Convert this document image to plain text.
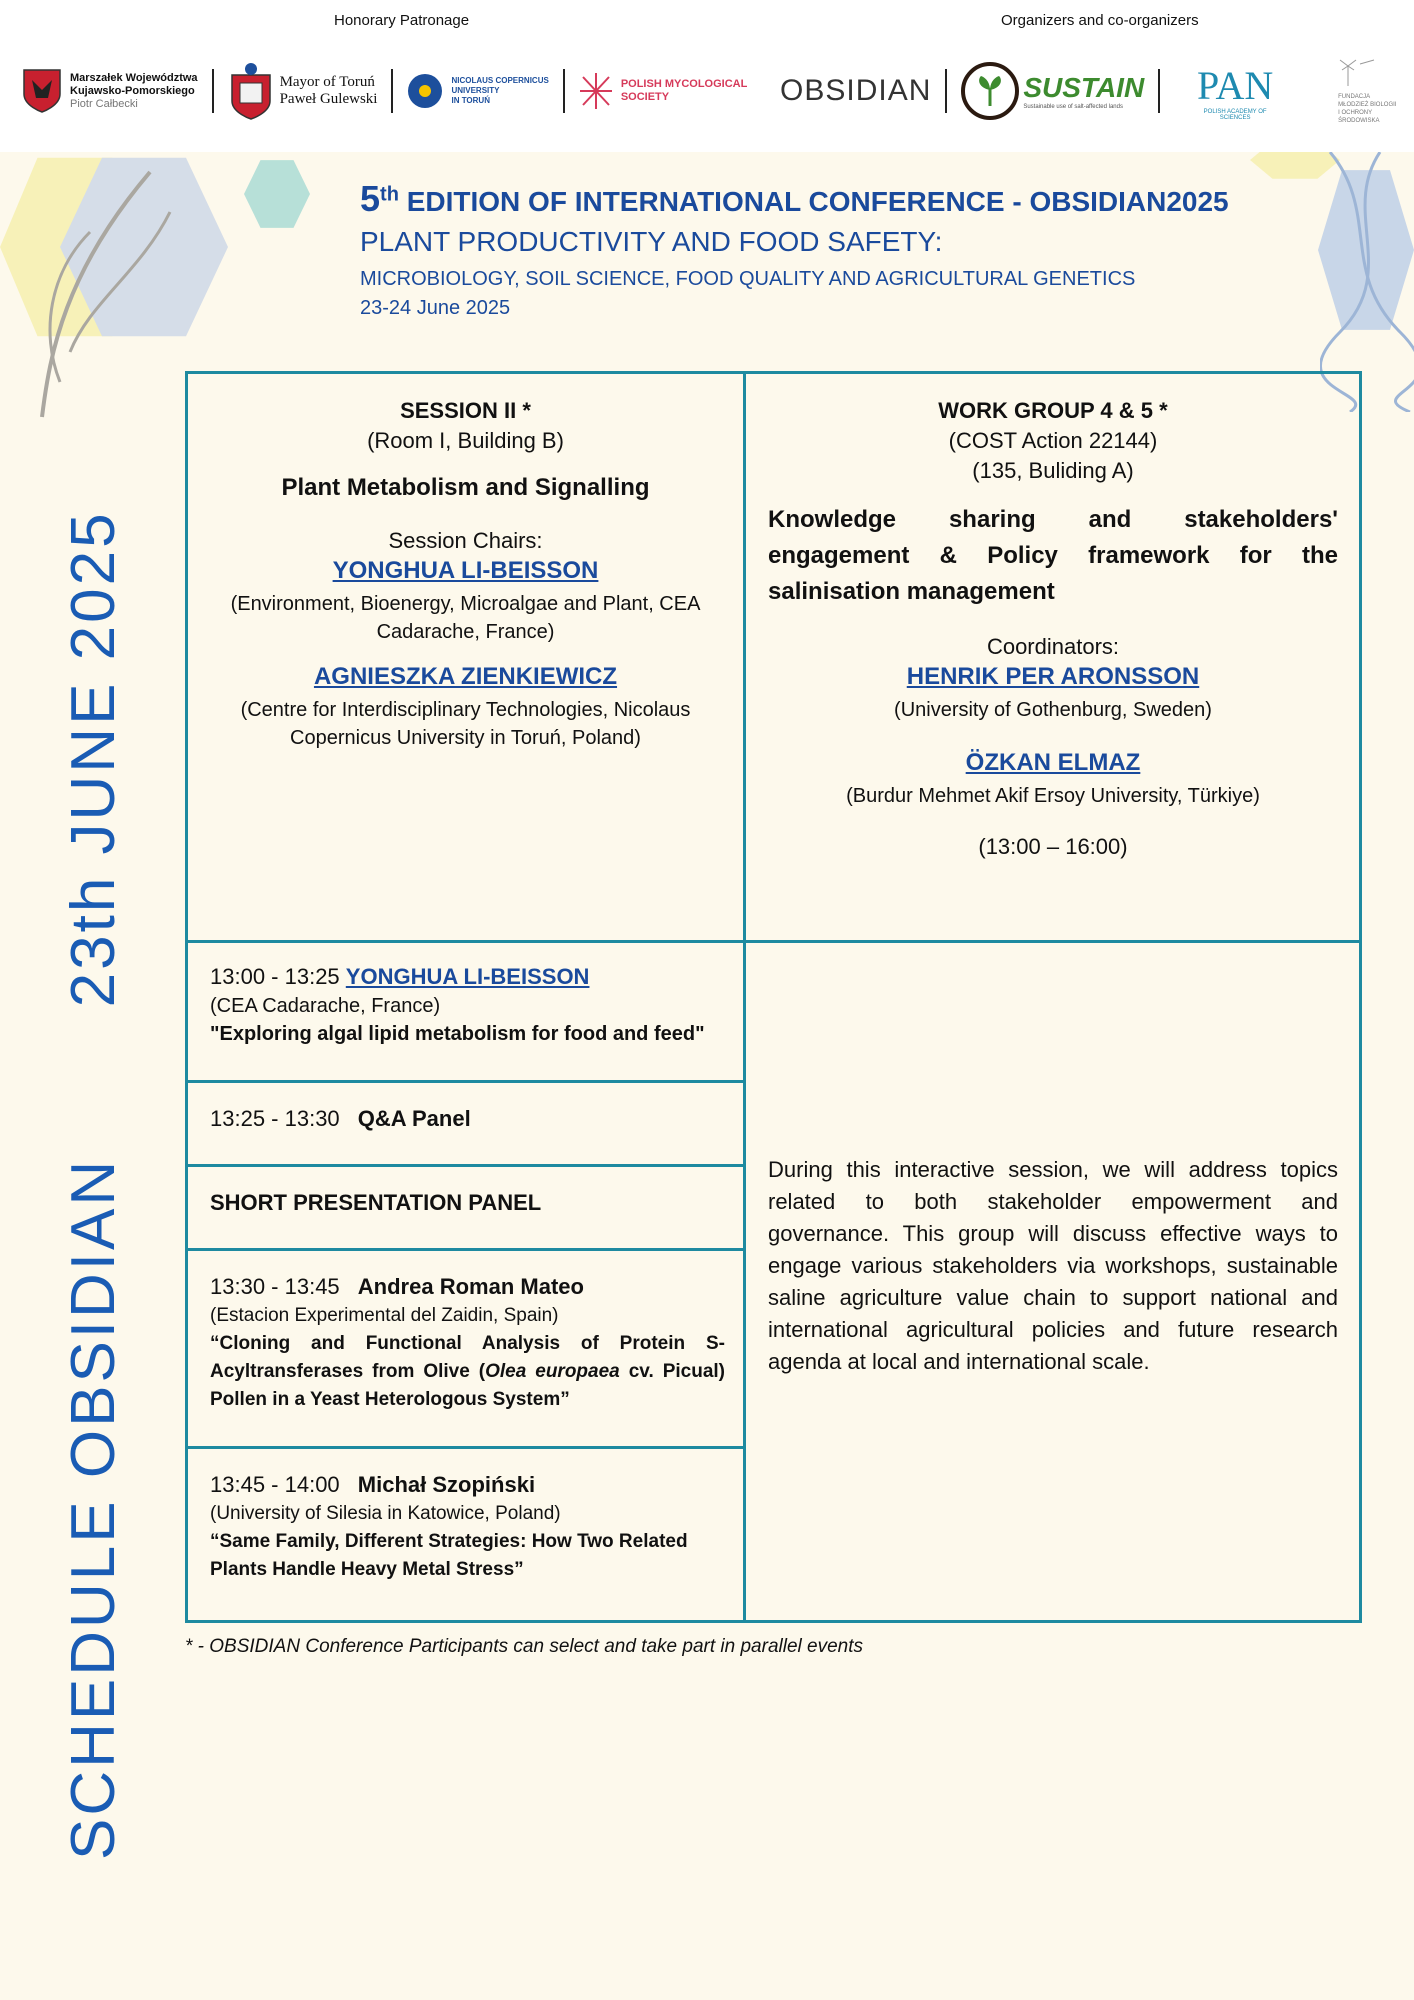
Honorary Patronage	Organizers and co-organizers
Marszałek Województwa
Kujawsko-Pomorskiego
Piotr Całbecki
Mayor of Toruń
Paweł Gulewski
NICOLAUS COPERNICUS
UNIVERSITY
IN TORUŃ
POLISH MYCOLOGICAL
SOCIETY	OBSIDIAN	SUSTAIN
Sustainable use of salt-affected lands	PAN
POLISH ACADEMY OF SCIENCES
FUNDACJA
MŁODZIEŻ BIOLOGII
I OCHRONY ŚRODOWISKA
SCHEDULE OBSIDIAN  23th JUNE 2025
5th EDITION OF INTERNATIONAL CONFERENCE - OBSIDIAN2025
PLANT PRODUCTIVITY AND FOOD SAFETY:
MICROBIOLOGY, SOIL SCIENCE, FOOD QUALITY AND AGRICULTURAL GENETICS
23-24 June 2025
SESSION II *
(Room I, Building B)
Plant Metabolism and Signalling
Session Chairs:
YONGHUA LI-BEISSON
(Environment, Bioenergy, Microalgae and Plant, CEA Cadarache, France)
AGNIESZKA ZIENKIEWICZ
(Centre for Interdisciplinary Technologies, Nicolaus Copernicus University in Toruń, Poland)
WORK GROUP 4 & 5 *
(COST Action 22144)
(135, Buliding A)
Knowledge sharing and stakeholders' engagement & Policy framework for the salinisation management
Coordinators:
HENRIK PER ARONSSON
(University of Gothenburg, Sweden)
ÖZKAN ELMAZ
(Burdur Mehmet Akif Ersoy University, Türkiye)
(13:00 – 16:00)
13:00 - 13:25 YONGHUA LI-BEISSON
(CEA Cadarache, France)
"Exploring algal lipid metabolism for food and feed"
13:25 - 13:30 Q&A Panel
SHORT PRESENTATION PANEL
13:30 - 13:45 Andrea Roman Mateo
(Estacion Experimental del Zaidin, Spain)
“Cloning and Functional Analysis of Protein S-Acyltransferases from Olive (Olea europaea cv. Picual) Pollen in a Yeast Heterologous System”
13:45 - 14:00 Michał Szopiński
(University of Silesia in Katowice, Poland)
“Same Family, Different Strategies: How Two Related Plants Handle Heavy Metal Stress”
During this interactive session, we will address topics related to both stakeholder empowerment and governance. This group will discuss effective ways to engage various stakeholders via workshops, sustainable saline agriculture value chain to support national and international agricultural policies and future research agenda at local and international scale.
* - OBSIDIAN Conference Participants can select and take part in parallel events
